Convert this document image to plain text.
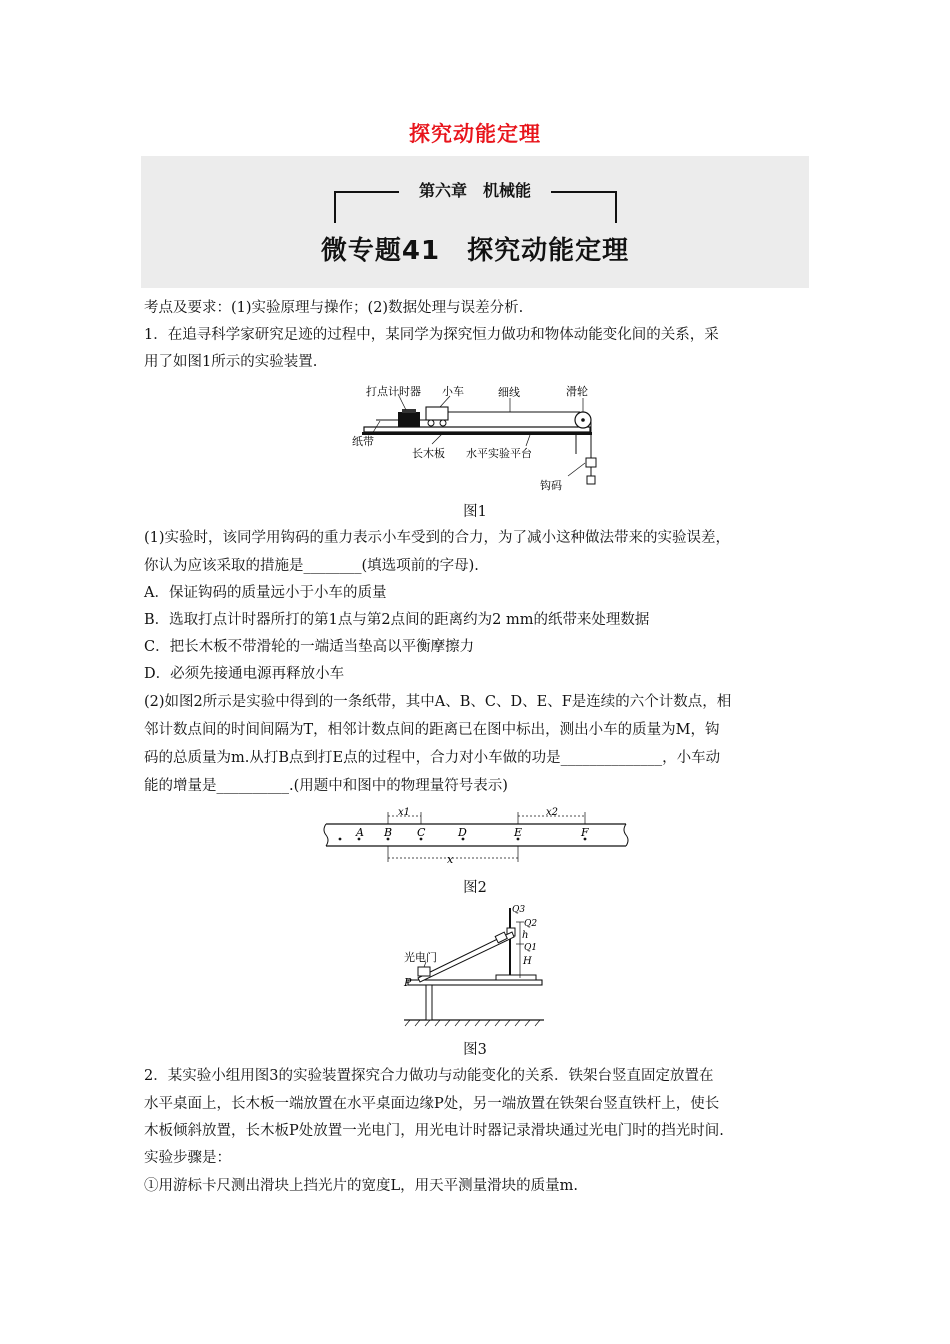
探究动能定理
第六章　机械能
微专题41　探究动能定理
考点及要求：(1)实验原理与操作；(2)数据处理与误差分析.
1．在追寻科学家研究足迹的过程中，某同学为探究恒力做功和物体动能变化间的关系，采
用了如图1所示的实验装置.
打点计时器 小车	细线	滑轮
纸带
长木板 水平实验平台
钩码
图1
(1)实验时，该同学用钩码的重力表示小车受到的合力，为了减小这种做法带来的实验误差，
你认为应该采取的措施是________(填选项前的字母).
A．保证钩码的质量远小于小车的质量
B．选取打点计时器所打的第1点与第2点间的距离约为2 mm的纸带来处理数据
C．把长木板不带滑轮的一端适当垫高以平衡摩擦力
D．必须先接通电源再释放小车
(2)如图2所示是实验中得到的一条纸带，其中A、B、C、D、E、F是连续的六个计数点，相
邻计数点间的时间间隔为T，相邻计数点间的距离已在图中标出，测出小车的质量为M，钩
码的总质量为m.从打B点到打E点的过程中，合力对小车做的功是______________，小车动
能的增量是__________.(用题中和图中的物理量符号表示)
A B C	D	E	F
x1	x2
x
图2
光电门
P
Q3
Q2
h
Q1
H
图3
2．某实验小组用图3的实验装置探究合力做功与动能变化的关系．铁架台竖直固定放置在
水平桌面上，长木板一端放置在水平桌面边缘P处，另一端放置在铁架台竖直铁杆上，使长
木板倾斜放置，长木板P处放置一光电门，用光电计时器记录滑块通过光电门时的挡光时间.
实验步骤是：
①用游标卡尺测出滑块上挡光片的宽度L，用天平测量滑块的质量m.
